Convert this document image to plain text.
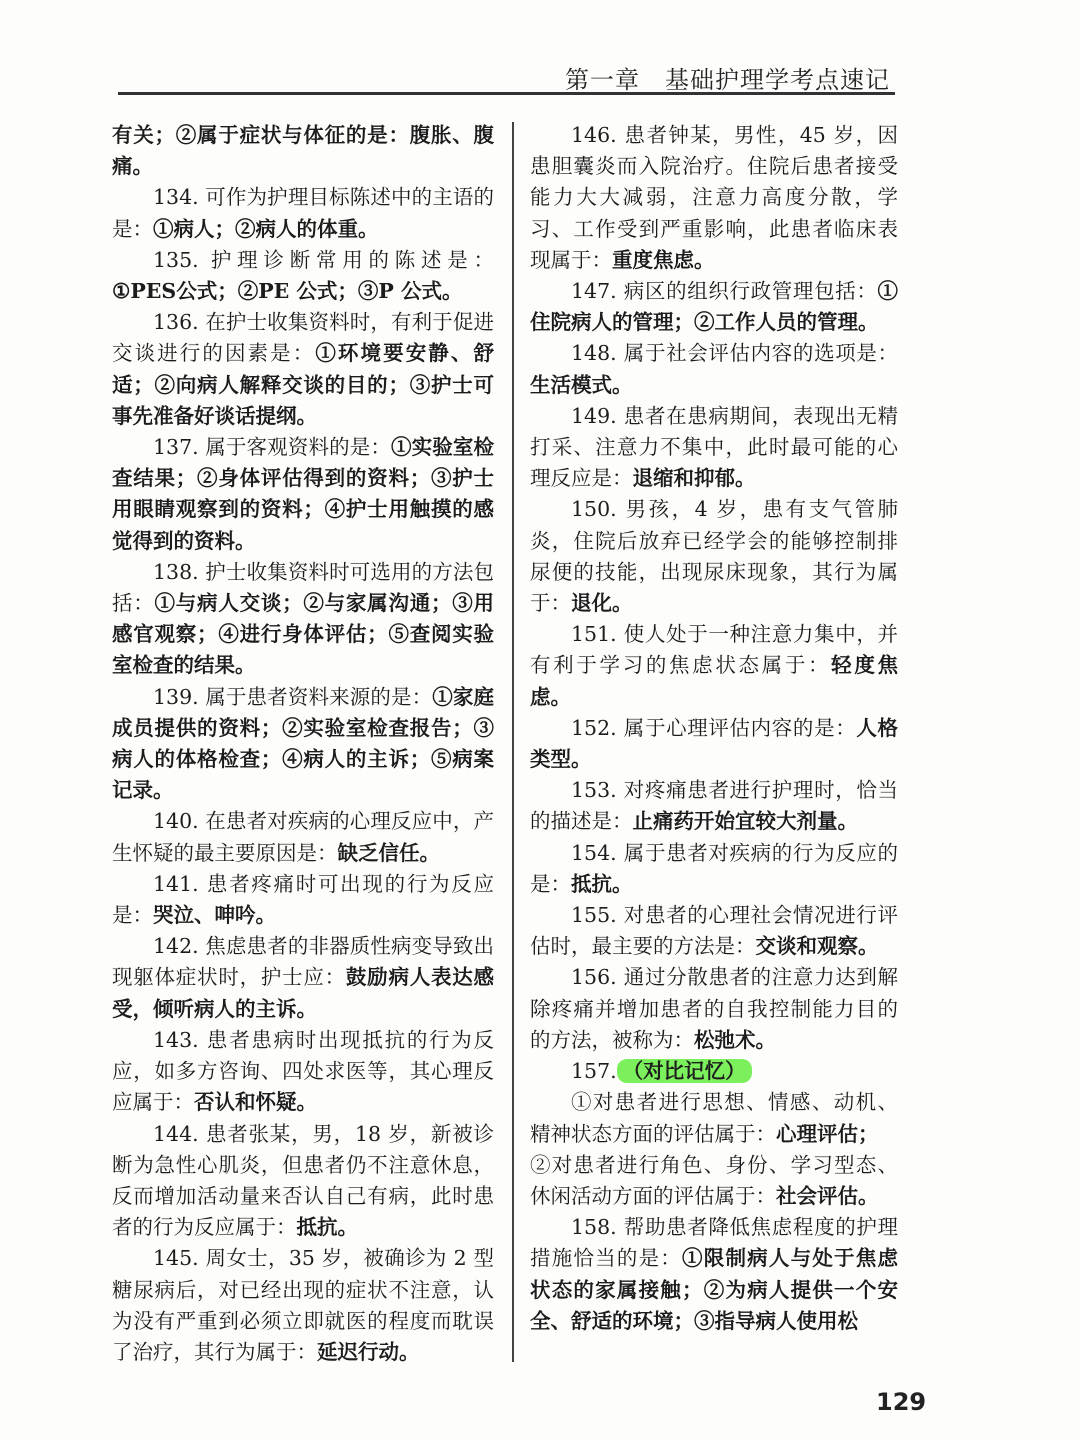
第一章　基础护理学考点速记

有关；②属于症状与体征的是：腹胀、腹痛。

134. 可作为护理目标陈述中的主语的是：①病人；②病人的体重。

135. 护理诊断常用的陈述是：①PES公式；②PE 公式；③P 公式。

136. 在护士收集资料时，有利于促进交谈进行的因素是：①环境要安静、舒适；②向病人解释交谈的目的；③护士可事先准备好谈话提纲。

137. 属于客观资料的是：①实验室检查结果；②身体评估得到的资料；③护士用眼睛观察到的资料；④护士用触摸的感觉得到的资料。

138. 护士收集资料时可选用的方法包括：①与病人交谈；②与家属沟通；③用感官观察；④进行身体评估；⑤查阅实验室检查的结果。

139. 属于患者资料来源的是：①家庭成员提供的资料；②实验室检查报告；③病人的体格检查；④病人的主诉；⑤病案记录。

140. 在患者对疾病的心理反应中，产生怀疑的最主要原因是：缺乏信任。

141. 患者疼痛时可出现的行为反应是：哭泣、呻吟。

142. 焦虑患者的非器质性病变导致出现躯体症状时，护士应：鼓励病人表达感受，倾听病人的主诉。

143. 患者患病时出现抵抗的行为反应，如多方咨询、四处求医等，其心理反应属于：否认和怀疑。

144. 患者张某，男，18 岁，新被诊断为急性心肌炎，但患者仍不注意休息，反而增加活动量来否认自己有病，此时患者的行为反应属于：抵抗。

145. 周女士，35 岁，被确诊为 2 型糖尿病后，对已经出现的症状不注意，认为没有严重到必须立即就医的程度而耽误了治疗，其行为属于：延迟行动。

146. 患者钟某，男性，45 岁，因患胆囊炎而入院治疗。住院后患者接受能力大大减弱，注意力高度分散，学习、工作受到严重影响，此患者临床表现属于：重度焦虑。

147. 病区的组织行政管理包括：①住院病人的管理；②工作人员的管理。

148. 属于社会评估内容的选项是：生活模式。

149. 患者在患病期间，表现出无精打采、注意力不集中，此时最可能的心理反应是：退缩和抑郁。

150. 男孩，4 岁，患有支气管肺炎，住院后放弃已经学会的能够控制排尿便的技能，出现尿床现象，其行为属于：退化。

151. 使人处于一种注意力集中，并有利于学习的焦虑状态属于：轻度焦虑。

152. 属于心理评估内容的是：人格类型。

153. 对疼痛患者进行护理时，恰当的描述是：止痛药开始宜较大剂量。

154. 属于患者对疾病的行为反应的是：抵抗。

155. 对患者的心理社会情况进行评估时，最主要的方法是：交谈和观察。

156. 通过分散患者的注意力达到解除疼痛并增加患者的自我控制能力目的的方法，被称为：松弛术。

157. （对比记忆）

①对患者进行思想、情感、动机、精神状态方面的评估属于：心理评估；

②对患者进行角色、身份、学习型态、休闲活动方面的评估属于：社会评估。

158. 帮助患者降低焦虑程度的护理措施恰当的是：①限制病人与处于焦虑状态的家属接触；②为病人提供一个安全、舒适的环境；③指导病人使用松

129
